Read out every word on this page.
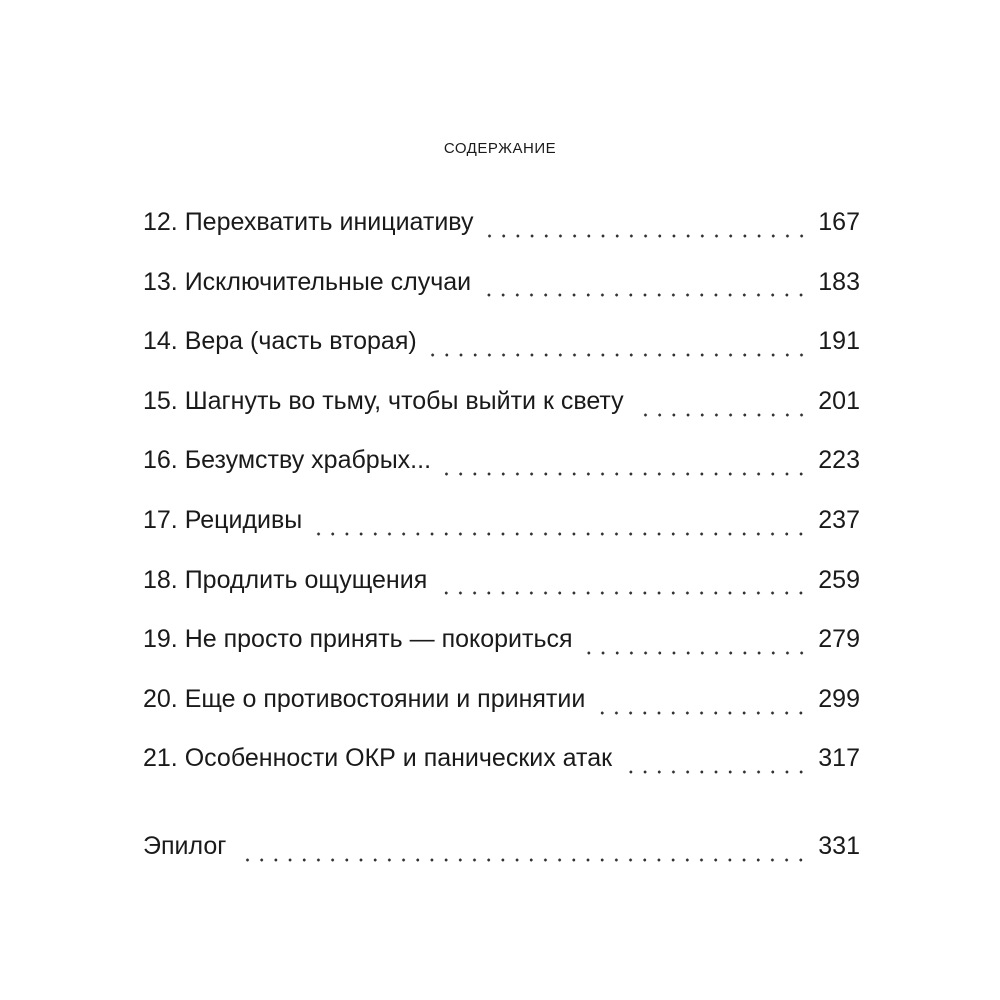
СОДЕРЖАНИЕ
12. Перехватить инициативу	167
13. Исключительные случаи	183
14. Вера (часть вторая)	191
15. Шагнуть во тьму, чтобы выйти к свету	201
16. Безумству храбрых...	223
17. Рецидивы	237
18. Продлить ощущения	259
19. Не просто принять — покориться	279
20. Еще о противостоянии и принятии	299
21. Особенности ОКР и панических атак	317
Эпилог	331
